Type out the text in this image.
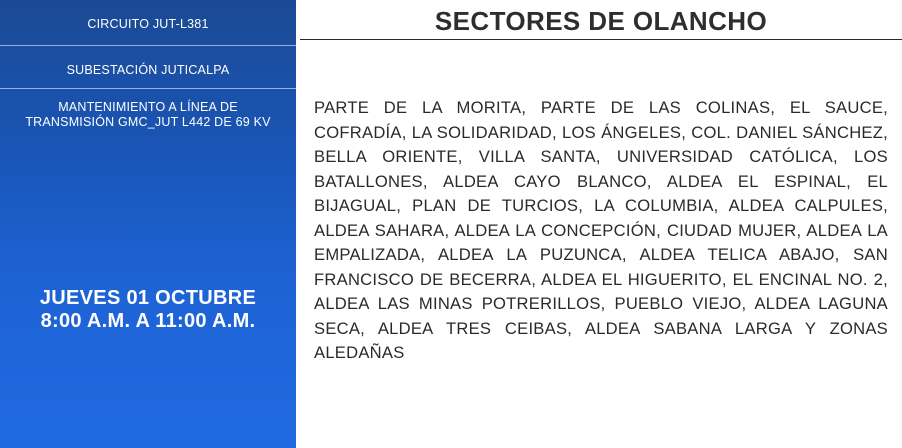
CIRCUITO JUT-L381
SUBESTACIÓN JUTICALPA
MANTENIMIENTO A LÍNEA DE
TRANSMISIÓN GMC_JUT L442 DE 69 KV
JUEVES 01 OCTUBRE
8:00 A.M. A 11:00 A.M.
SECTORES DE OLANCHO
PARTE DE LA MORITA, PARTE DE LAS COLINAS, EL SAUCE, COFRADÍA, LA SOLIDARIDAD, LOS ÁNGELES, COL. DANIEL SÁNCHEZ, BELLA ORIENTE, VILLA SANTA, UNIVERSIDAD CATÓLICA, LOS BATALLONES, ALDEA CAYO BLANCO, ALDEA EL ESPINAL, EL BIJAGUAL, PLAN DE TURCIOS, LA COLUMBIA, ALDEA CALPULES, ALDEA SAHARA, ALDEA LA CONCEPCIÓN, CIUDAD MUJER, ALDEA LA EMPALIZADA, ALDEA LA PUZUNCA, ALDEA TELICA ABAJO, SAN FRANCISCO DE BECERRA, ALDEA EL HIGUERITO, EL ENCINAL NO. 2, ALDEA LAS MINAS POTRERILLOS, PUEBLO VIEJO, ALDEA LAGUNA SECA, ALDEA TRES CEIBAS, ALDEA SABANA LARGA Y ZONAS ALEDAÑAS
